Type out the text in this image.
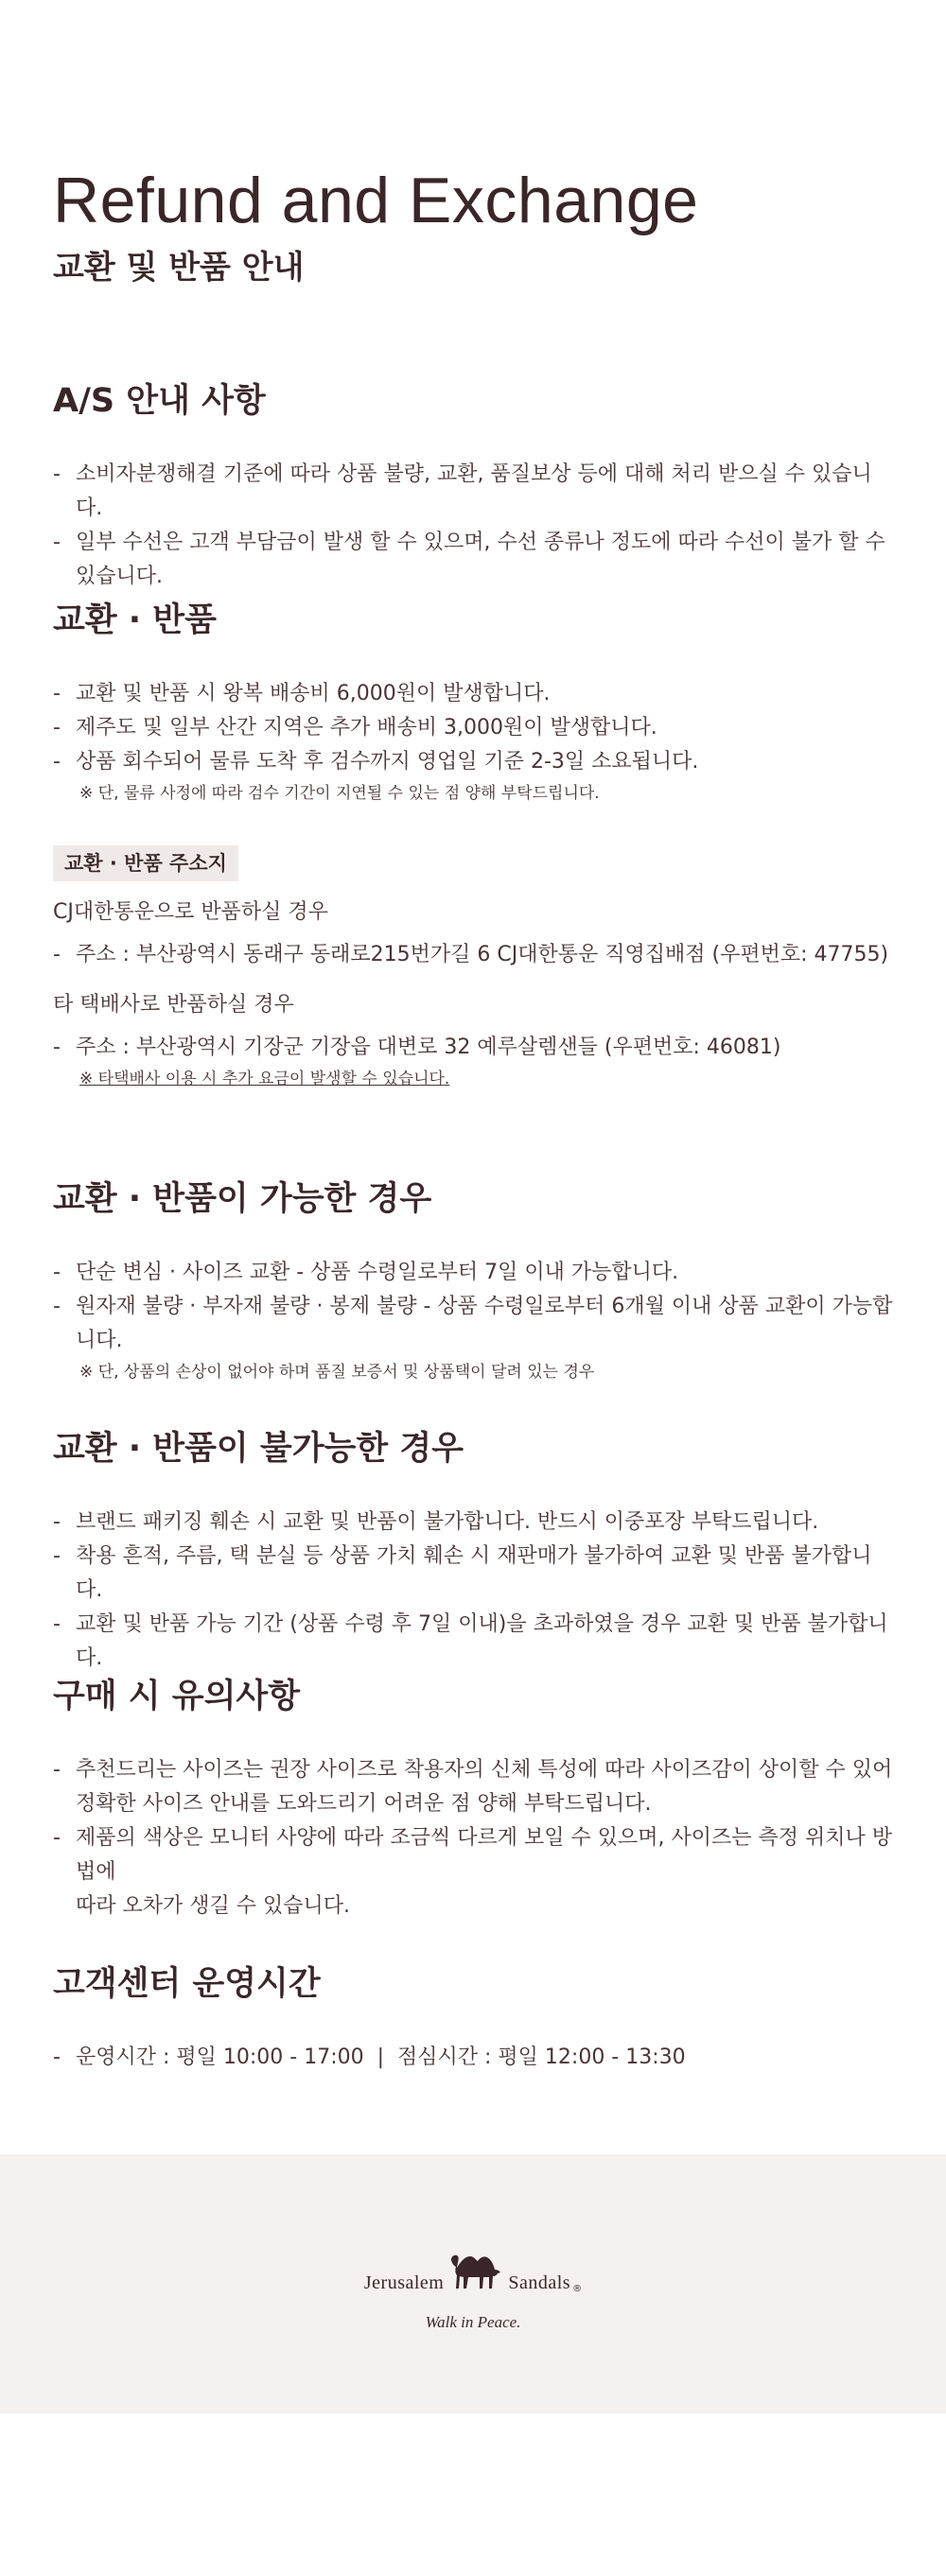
Refund and Exchange
교환 및 반품 안내
A/S 안내 사항
- 소비자분쟁해결 기준에 따라 상품 불량, 교환, 품질보상 등에 대해 처리 받으실 수 있습니다.
- 일부 수선은 고객 부담금이 발생 할 수 있으며, 수선 종류나 정도에 따라 수선이 불가 할 수 있습니다.
교환 · 반품
- 교환 및 반품 시 왕복 배송비 6,000원이 발생합니다.
- 제주도 및 일부 산간 지역은 추가 배송비 3,000원이 발생합니다.
- 상품 회수되어 물류 도착 후 검수까지 영업일 기준 2-3일 소요됩니다.
※ 단, 물류 사정에 따라 검수 기간이 지연될 수 있는 점 양해 부탁드립니다.
교환 · 반품 주소지

CJ대한통운으로 반품하실 경우

- 주소 : 부산광역시 동래구 동래로215번가길 6 CJ대한통운 직영집배점 (우편번호: 47755)

타 택배사로 반품하실 경우

- 주소 : 부산광역시 기장군 기장읍 대변로 32 예루살렘샌들 (우편번호: 46081)
※ 타택배사 이용 시 추가 요금이 발생할 수 있습니다.
교환 · 반품이 가능한 경우
- 단순 변심 · 사이즈 교환 - 상품 수령일로부터 7일 이내 가능합니다.
- 원자재 불량 · 부자재 불량 · 봉제 불량 - 상품 수령일로부터 6개월 이내 상품 교환이 가능합니다.
※ 단, 상품의 손상이 없어야 하며 품질 보증서 및 상품택이 달려 있는 경우
교환 · 반품이 불가능한 경우
- 브랜드 패키징 훼손 시 교환 및 반품이 불가합니다. 반드시 이중포장 부탁드립니다.
- 착용 흔적, 주름, 택 분실 등 상품 가치 훼손 시 재판매가 불가하여 교환 및 반품 불가합니다.
- 교환 및 반품 가능 기간 (상품 수령 후 7일 이내)을 초과하였을 경우 교환 및 반품 불가합니다.
구매 시 유의사항
- 추천드리는 사이즈는 권장 사이즈로 착용자의 신체 특성에 따라 사이즈감이 상이할 수 있어
정확한 사이즈 안내를 도와드리기 어려운 점 양해 부탁드립니다.
- 제품의 색상은 모니터 사양에 따라 조금씩 다르게 보일 수 있으며, 사이즈는 측정 위치나 방법에
따라 오차가 생길 수 있습니다.
고객센터 운영시간
- 운영시간 : 평일 10:00 - 17:00  |  점심시간 : 평일 12:00 - 13:30
Jerusalem	Sandals ®
Walk in Peace.
